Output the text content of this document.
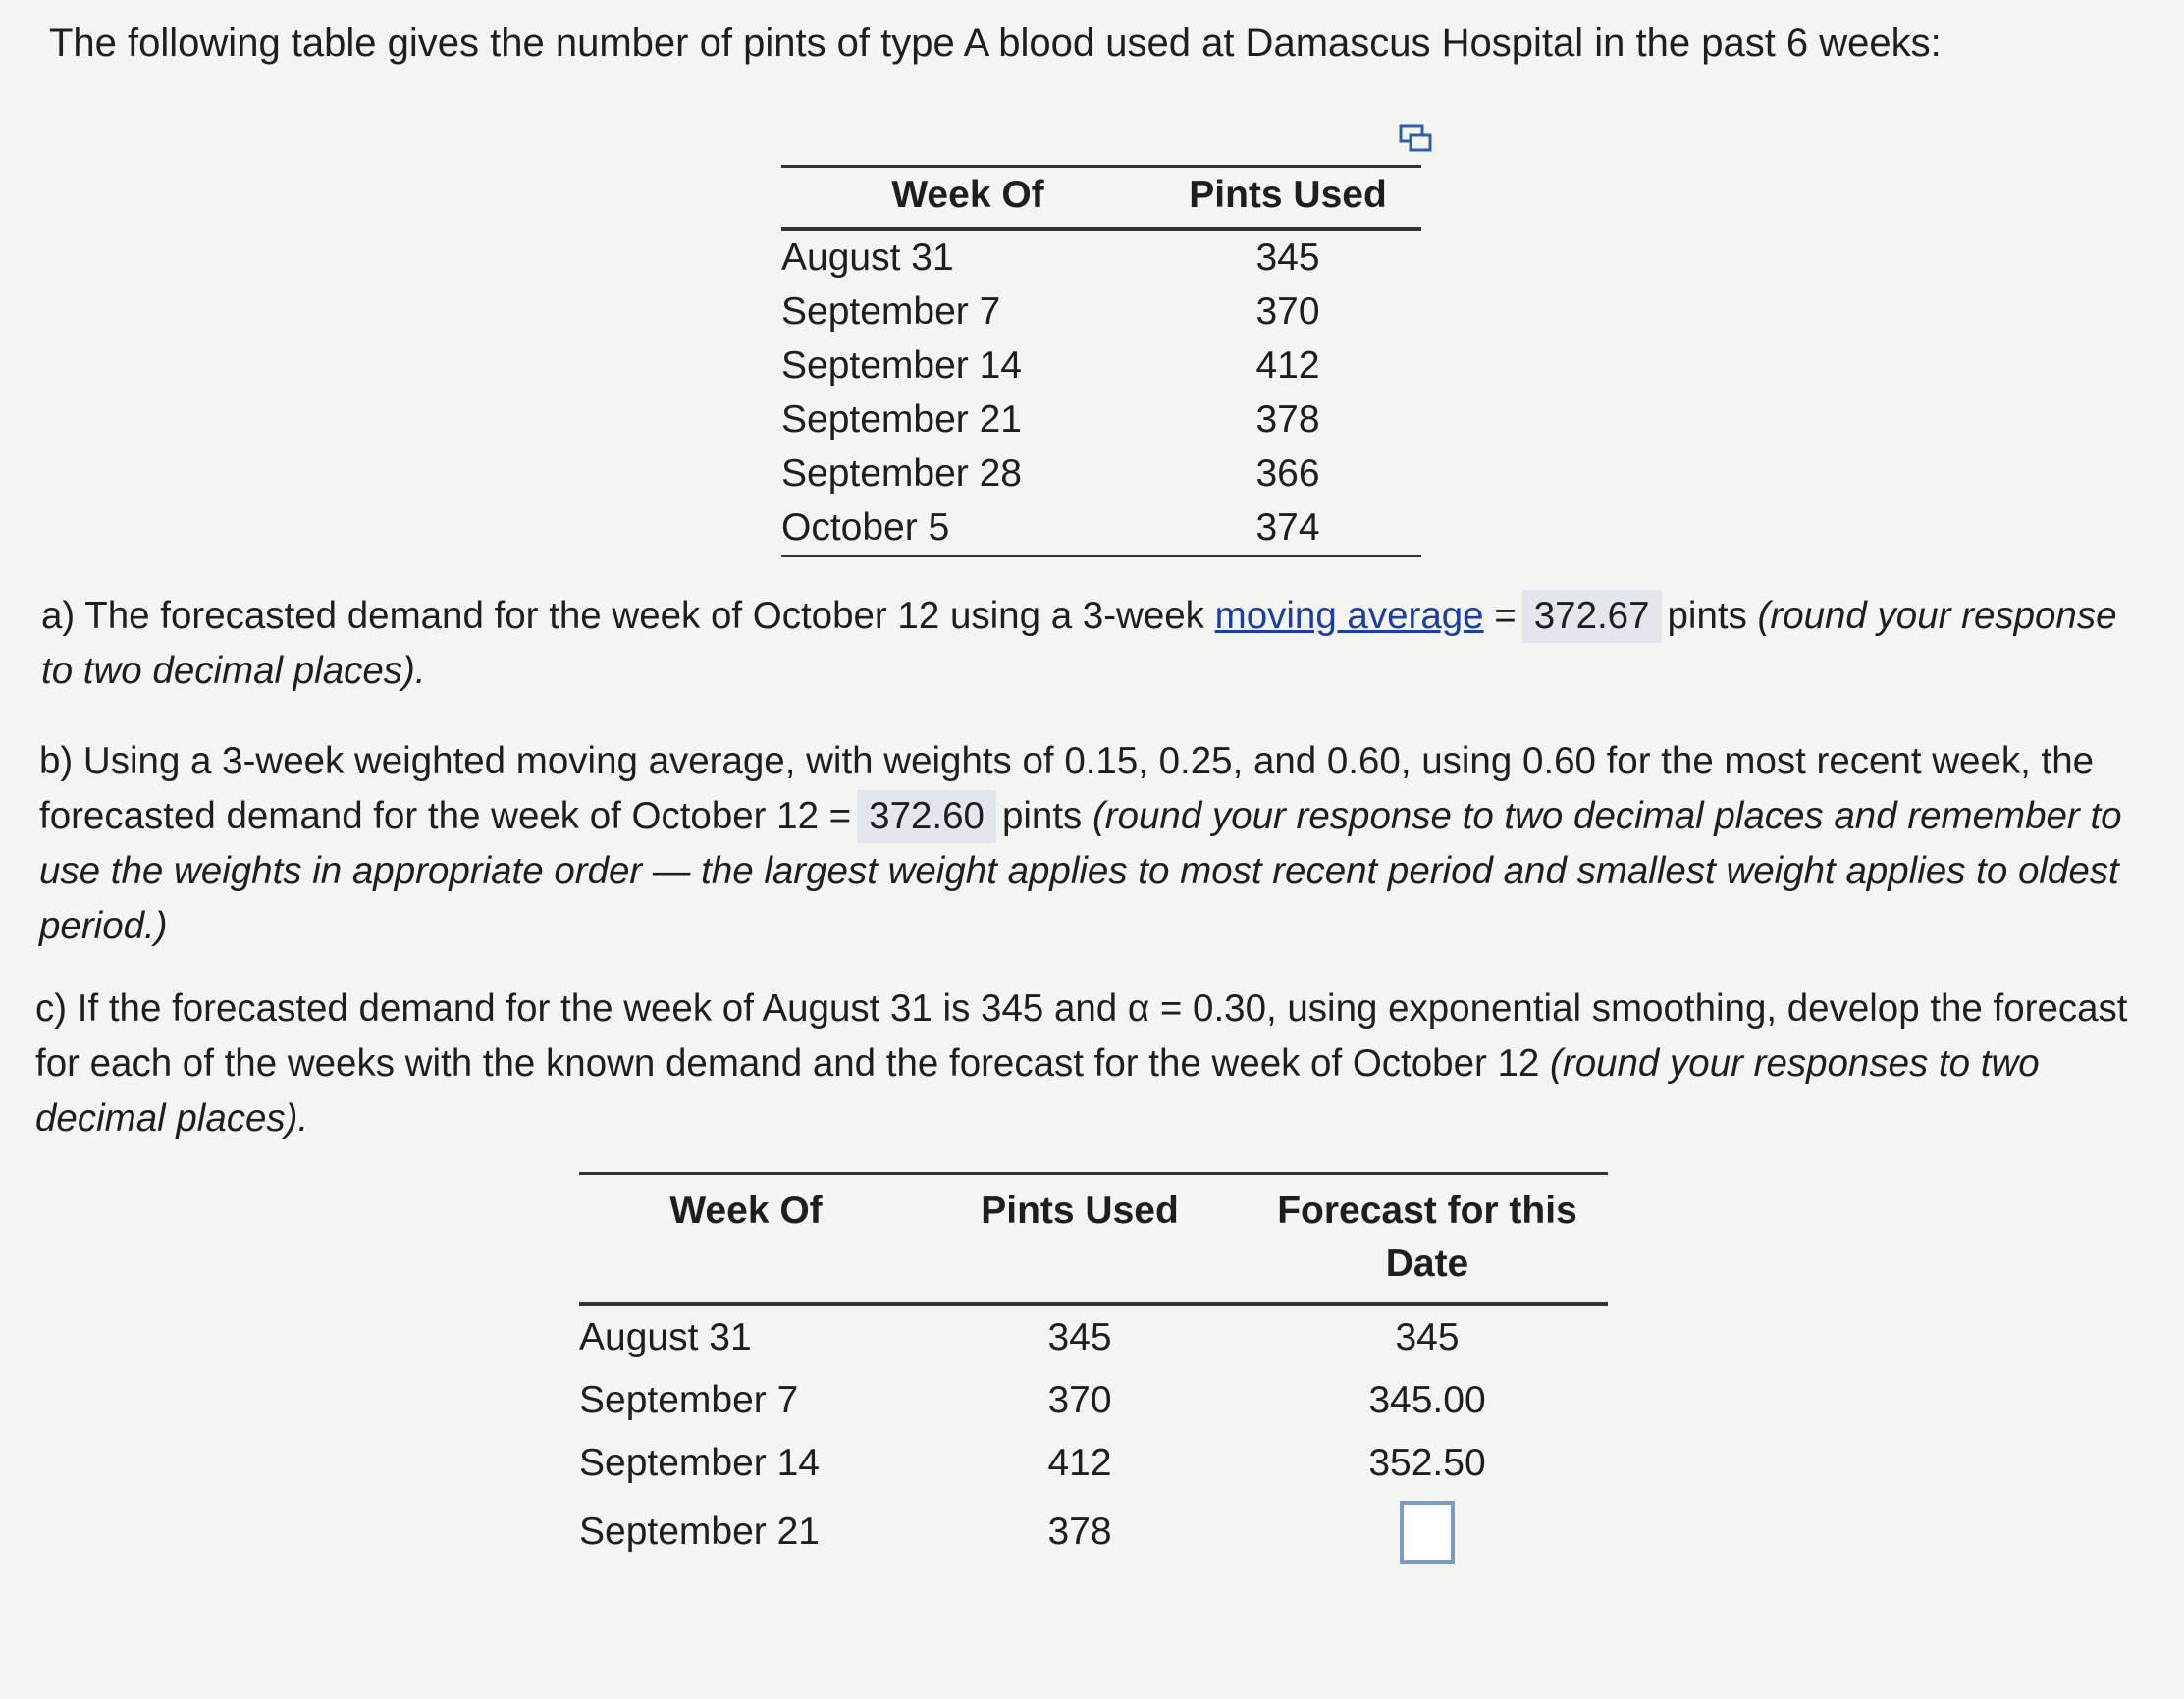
The following table gives the number of pints of type A blood used at Damascus Hospital in the past 6 weeks:
Week Of	Pints Used
August 31	345
September 7	370
September 14	412
September 21	378
September 28	366
October 5	374
a) The forecasted demand for the week of October 12 using a 3-week moving average = 372.67 pints (round your response to two decimal places).
b) Using a 3-week weighted moving average, with weights of 0.15, 0.25, and 0.60, using 0.60 for the most recent week, the forecasted demand for the week of October 12 = 372.60 pints (round your response to two decimal places and remember to use the weights in appropriate order — the largest weight applies to most recent period and smallest weight applies to oldest period.)
c) If the forecasted demand for the week of August 31 is 345 and α = 0.30, using exponential smoothing, develop the forecast for each of the weeks with the known demand and the forecast for the week of October 12 (round your responses to two decimal places).
Week Of	Pints Used	Forecast for this Date
August 31	345	345
September 7	370	345.00
September 14	412	352.50
September 21	378	
